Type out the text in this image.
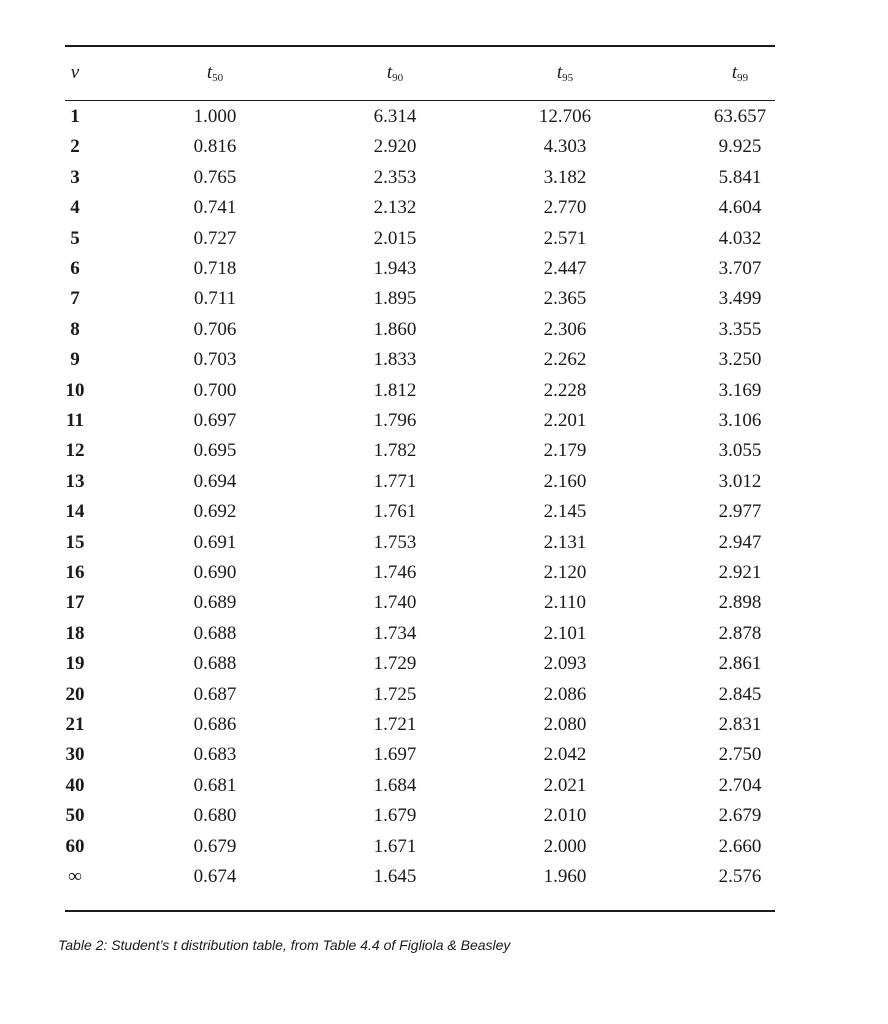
ν	$t_{50}$	$t_{90}$	$t_{95}$	$t_{99}$
1	1.000	6.314	12.706	63.657
2	0.816	2.920	4.303	9.925
3	0.765	2.353	3.182	5.841
4	0.741	2.132	2.770	4.604
5	0.727	2.015	2.571	4.032
6	0.718	1.943	2.447	3.707
7	0.711	1.895	2.365	3.499
8	0.706	1.860	2.306	3.355
9	0.703	1.833	2.262	3.250
10	0.700	1.812	2.228	3.169
11	0.697	1.796	2.201	3.106
12	0.695	1.782	2.179	3.055
13	0.694	1.771	2.160	3.012
14	0.692	1.761	2.145	2.977
15	0.691	1.753	2.131	2.947
16	0.690	1.746	2.120	2.921
17	0.689	1.740	2.110	2.898
18	0.688	1.734	2.101	2.878
19	0.688	1.729	2.093	2.861
20	0.687	1.725	2.086	2.845
21	0.686	1.721	2.080	2.831
30	0.683	1.697	2.042	2.750
40	0.681	1.684	2.021	2.704
50	0.680	1.679	2.010	2.679
60	0.679	1.671	2.000	2.660
∞	0.674	1.645	1.960	2.576
Table 2: Student’s t distribution table, from Table 4.4 of Figliola & Beasley
